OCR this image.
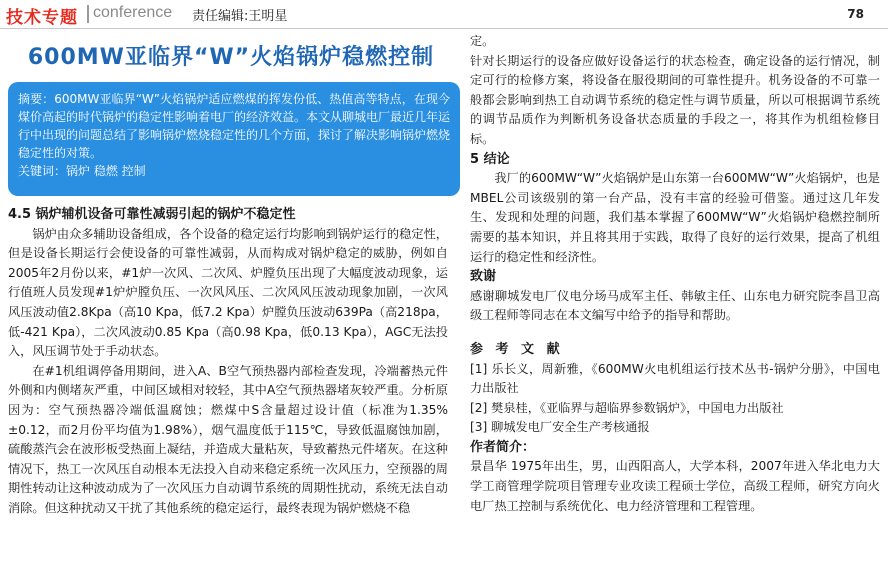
技术专题 conference 责任编辑:王明星	78
600MW亚临界“W”火焰锅炉稳燃控制

摘要：600MW亚临界“W”火焰锅炉适应燃煤的挥发份低、热值高等特点，在现今煤价高起的时代锅炉的稳定性影响着电厂的经济效益。本文从聊城电厂最近几年运行中出现的问题总结了影响锅炉燃烧稳定性的几个方面，探讨了解决影响锅炉燃烧稳定性的对策。

关键词：锅炉 稳燃 控制

4.5 锅炉辅机设备可靠性减弱引起的锅炉不稳定性

锅炉由众多辅助设备组成，各个设备的稳定运行均影响到锅炉运行的稳定性，但是设备长期运行会使设备的可靠性减弱，从而构成对锅炉稳定的威胁，例如自2005年2月份以来，#1炉一次风、二次风、炉膛负压出现了大幅度波动现象，运行值班人员发现#1炉炉膛负压、一次风风压、二次风风压波动现象加剧，一次风风压波动值2.8Kpa（高10 Kpa，低7.2 Kpa）炉膛负压波动639Pa（高218pa，低-421 Kpa），二次风波动0.85 Kpa（高0.98 Kpa，低0.13 Kpa），AGC无法投入，风压调节处于手动状态。

在#1机组调停备用期间，进入A、B空气预热器内部检查发现，冷端蓄热元件外侧和内侧堵灰严重，中间区域相对较轻，其中A空气预热器堵灰较严重。分析原因为：空气预热器冷端低温腐蚀；燃煤中S含量超过设计值（标准为1.35%±0.12，而2月份平均值为1.98%），烟气温度低于115℃，导致低温腐蚀加剧，硫酸蒸汽会在波形板受热面上凝结，并造成大量粘灰，导致蓄热元件堵灰。在这种情况下，热工一次风压自动根本无法投入自动来稳定系统一次风压力，空预器的周期性转动让这种波动成为了一次风压力自动调节系统的周期性扰动，系统无法自动消除。但这种扰动又干扰了其他系统的稳定运行，最终表现为锅炉燃烧不稳

定。

针对长期运行的设备应做好设备运行的状态检查，确定设备的运行情况，制定可行的检修方案，将设备在服役期间的可靠性提升。机务设备的不可靠一般都会影响到热工自动调节系统的稳定性与调节质量，所以可根据调节系统的调节品质作为判断机务设备状态质量的手段之一，将其作为机组检修目标。

5 结论

我厂的600MW“W”火焰锅炉是山东第一台600MW“W”火焰锅炉，也是MBEL公司该级别的第一台产品，没有丰富的经验可借鉴。通过这几年发生、发现和处理的问题，我们基本掌握了600MW“W”火焰锅炉稳燃控制所需要的基本知识，并且将其用于实践，取得了良好的运行效果，提高了机组运行的稳定性和经济性。

致谢

感谢聊城发电厂仪电分场马成军主任、韩敏主任、山东电力研究院李昌卫高级工程师等同志在本文编写中给予的指导和帮助。

参 考 文 献

[1] 乐长义，周新雅，《600MW火电机组运行技术丛书-锅炉分册》，中国电力出版社

[2] 樊泉桂，《亚临界与超临界参数锅炉》，中国电力出版社

[3] 聊城发电厂安全生产考核通报

作者简介：

景昌华 1975年出生，男，山西阳高人，大学本科，2007年进入华北电力大学工商管理学院项目管理专业攻读工程硕士学位，高级工程师，研究方向火电厂热工控制与系统优化、电力经济管理和工程管理。
